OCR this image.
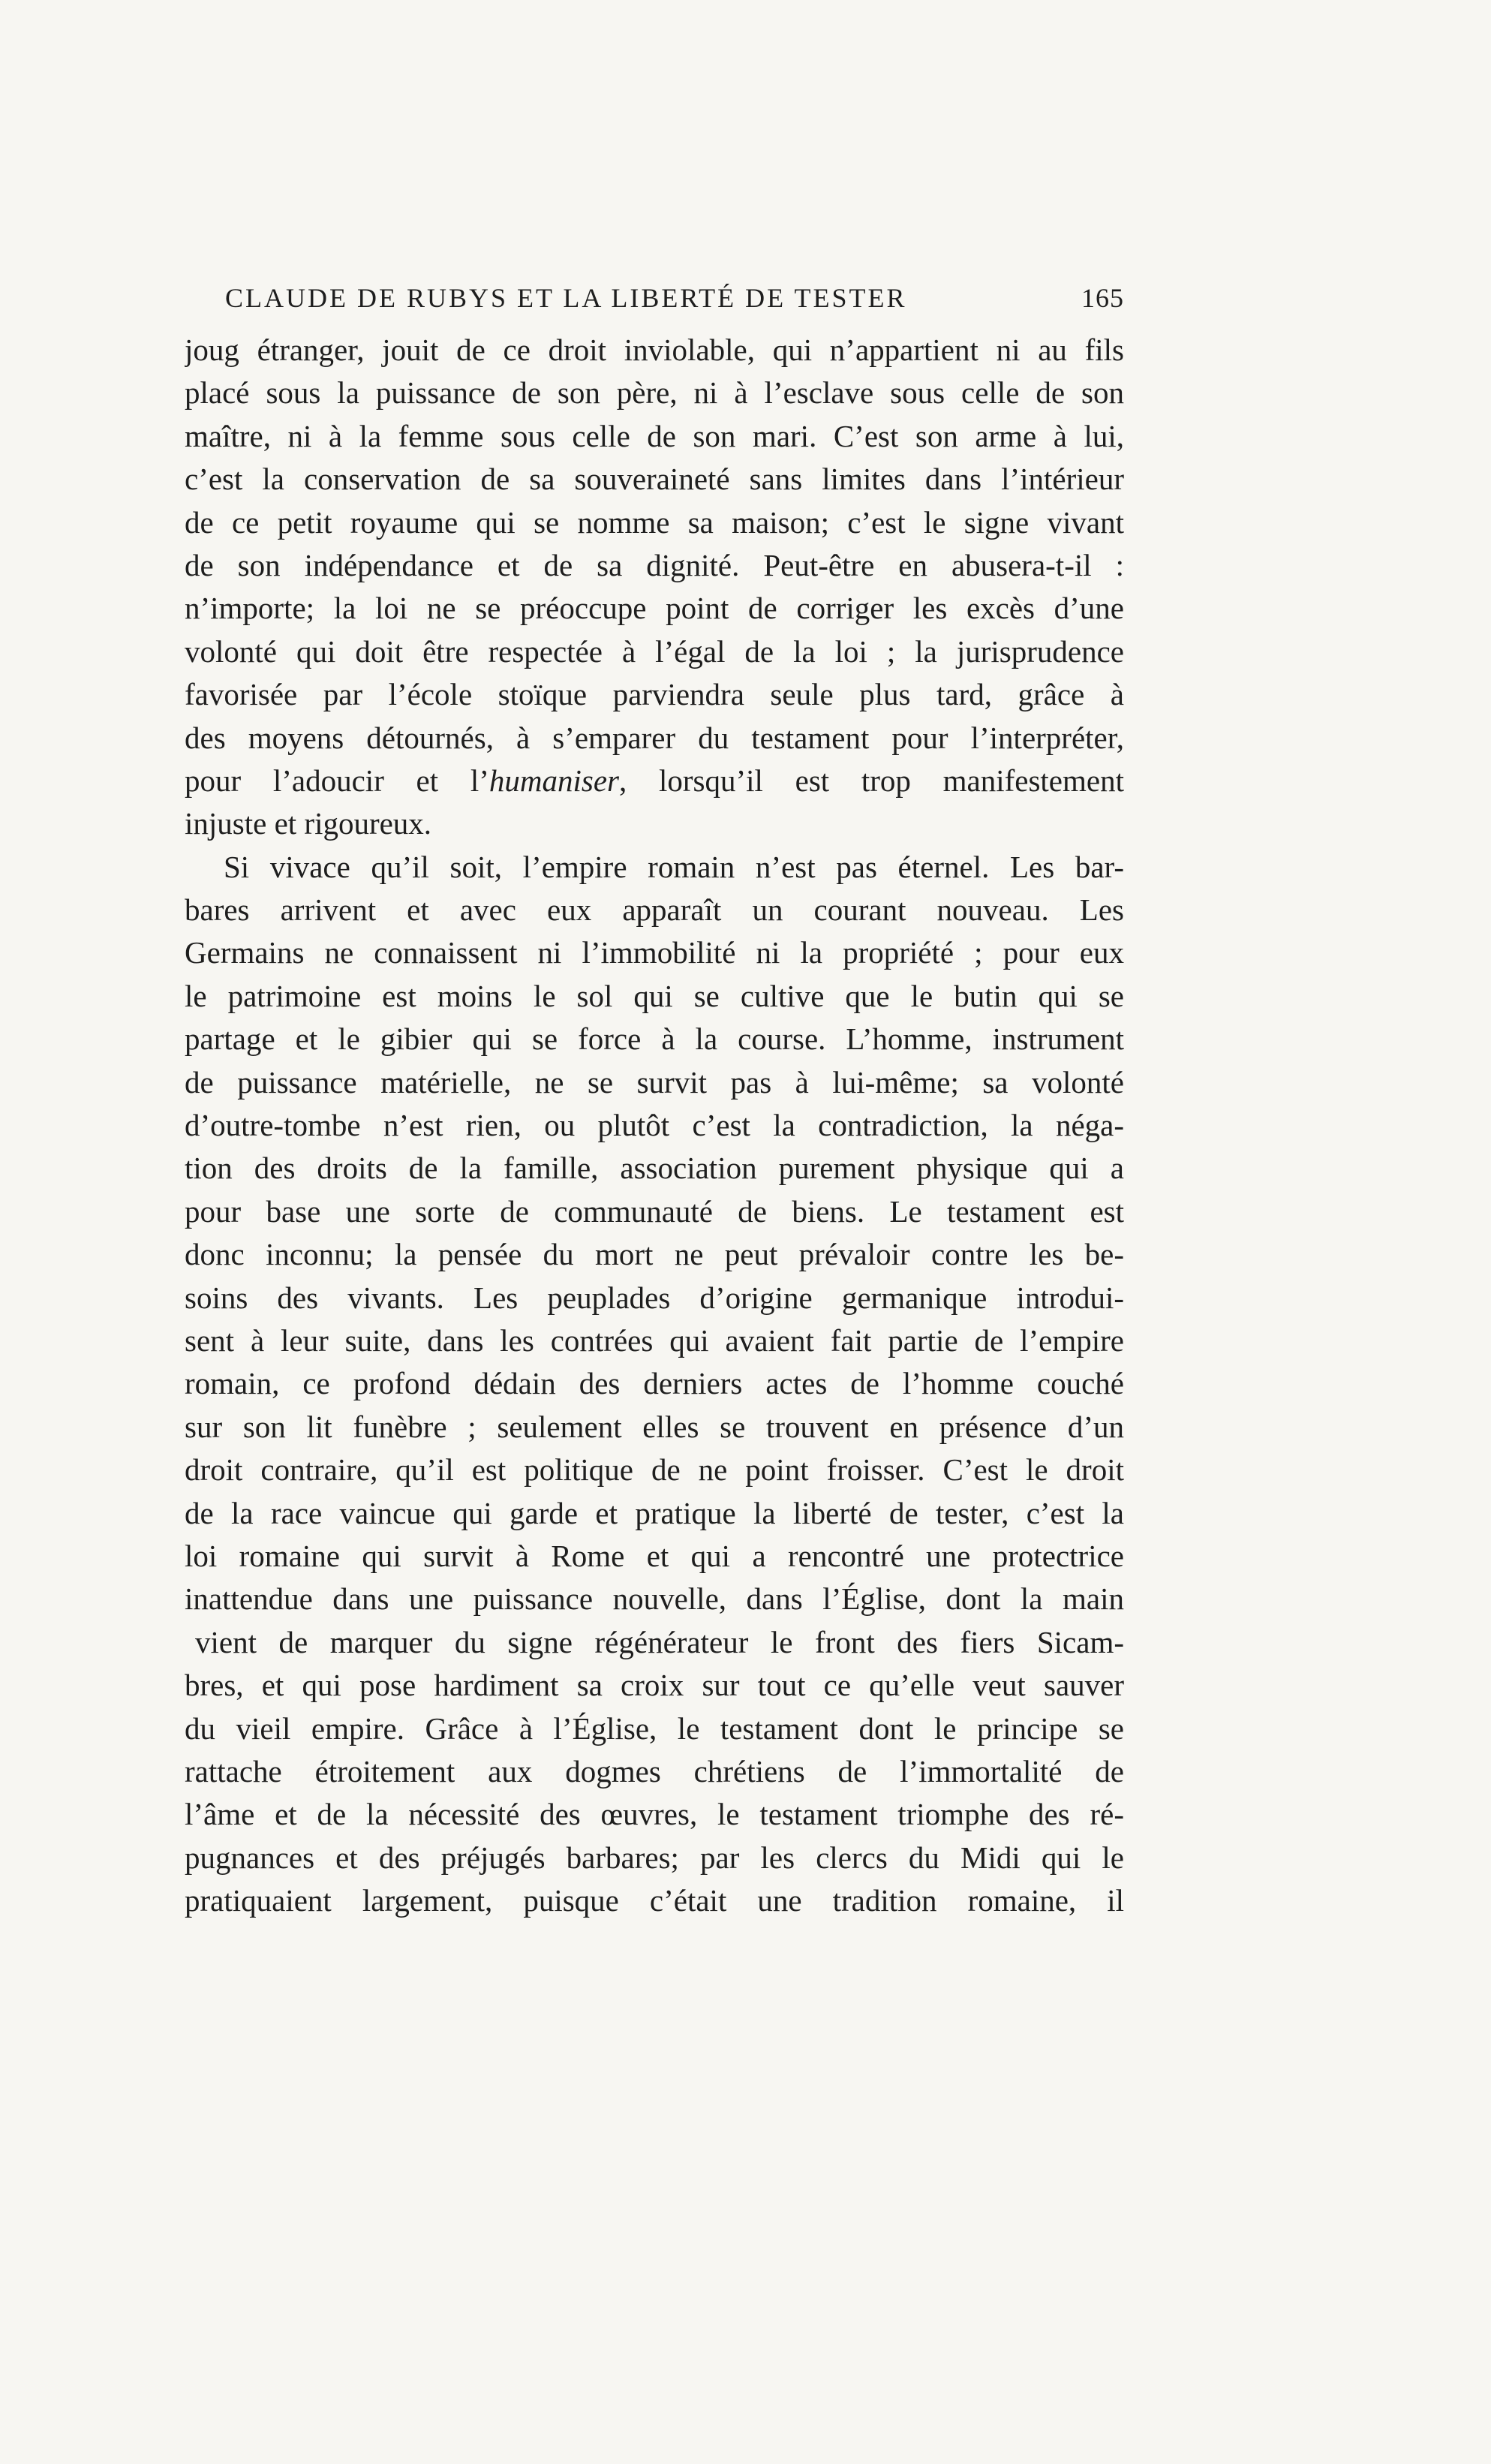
CLAUDE DE RUBYS ET LA LIBERTÉ DE TESTER	165
joug étranger, jouit de ce droit inviolable, qui n’appartient ni au fils
placé sous la puissance de son père, ni à l’esclave sous celle de son
maître, ni à la femme sous celle de son mari. C’est son arme à lui,
c’est la conservation de sa souveraineté sans limites dans l’intérieur
de ce petit royaume qui se nomme sa maison; c’est le signe vivant
de son indépendance et de sa dignité. Peut-être en abusera-t-il :
n’importe; la loi ne se préoccupe point de corriger les excès d’une
volonté qui doit être respectée à l’égal de la loi ; la jurisprudence
favorisée par l’école stoïque parviendra seule plus tard, grâce à
des moyens détournés, à s’emparer du testament pour l’interpréter,
pour l’adoucir et l’humaniser, lorsqu’il est trop manifestement
injuste et rigoureux.
Si vivace qu’il soit, l’empire romain n’est pas éternel. Les bar-
bares arrivent et avec eux apparaît un courant nouveau. Les
Germains ne connaissent ni l’immobilité ni la propriété ; pour eux
le patrimoine est moins le sol qui se cultive que le butin qui se
partage et le gibier qui se force à la course. L’homme, instrument
de puissance matérielle, ne se survit pas à lui-même; sa volonté
d’outre-tombe n’est rien, ou plutôt c’est la contradiction, la néga-
tion des droits de la famille, association purement physique qui a
pour base une sorte de communauté de biens. Le testament est
donc inconnu; la pensée du mort ne peut prévaloir contre les be-
soins des vivants. Les peuplades d’origine germanique introdui-
sent à leur suite, dans les contrées qui avaient fait partie de l’empire
romain, ce profond dédain des derniers actes de l’homme couché
sur son lit funèbre ; seulement elles se trouvent en présence d’un
droit contraire, qu’il est politique de ne point froisser. C’est le droit
de la race vaincue qui garde et pratique la liberté de tester, c’est la
loi romaine qui survit à Rome et qui a rencontré une protectrice
inattendue dans une puissance nouvelle, dans l’Église, dont la main
vient de marquer du signe régénérateur le front des fiers Sicam-
bres, et qui pose hardiment sa croix sur tout ce qu’elle veut sauver
du vieil empire. Grâce à l’Église, le testament dont le principe se
rattache étroitement aux dogmes chrétiens de l’immortalité de
l’âme et de la nécessité des œuvres, le testament triomphe des ré-
pugnances et des préjugés barbares; par les clercs du Midi qui le
pratiquaient largement, puisque c’était une tradition romaine, il
